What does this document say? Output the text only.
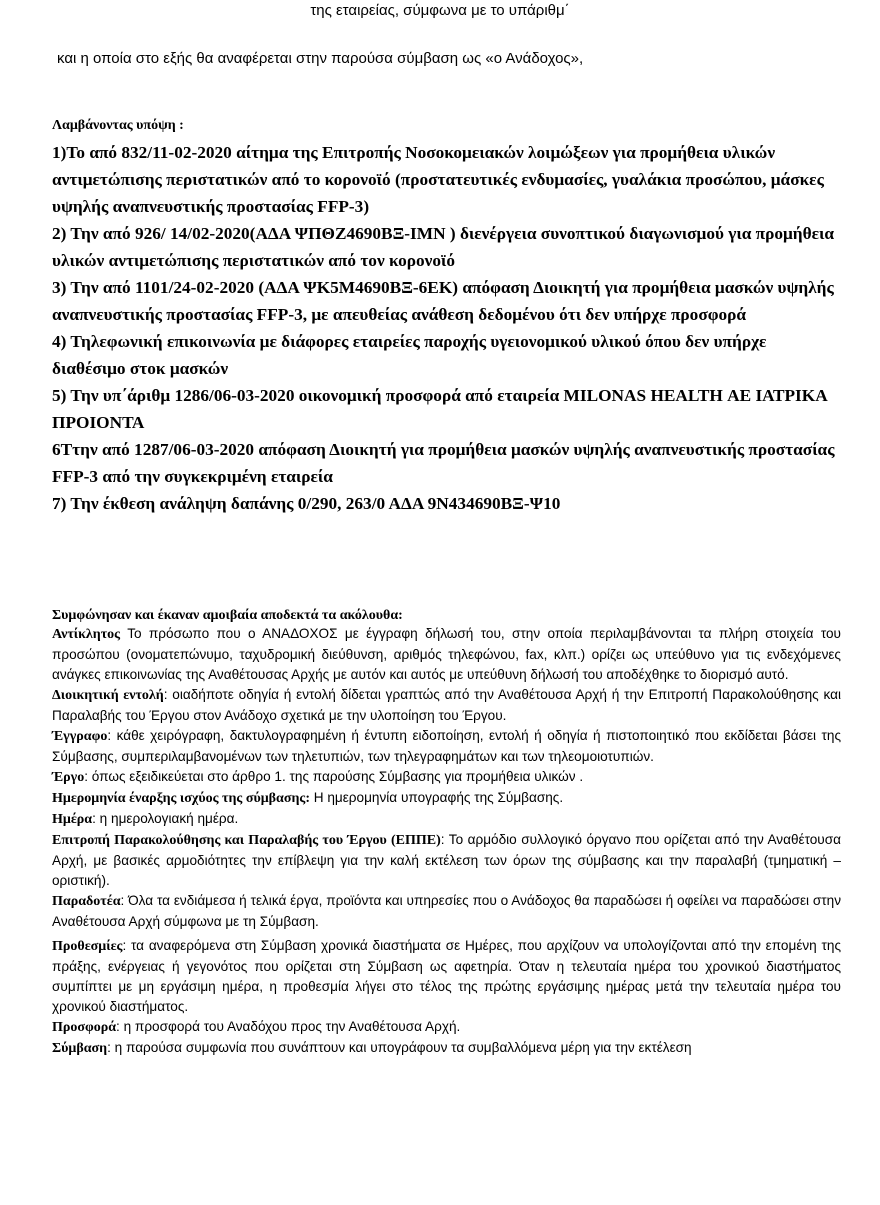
της εταιρείας, σύμφωνα με το υπάριθμ΄
και η οποία στο εξής θα αναφέρεται στην παρούσα σύμβαση ως «ο Ανάδοχος»,
Λαμβάνοντας υπόψη :

1)Το από 832/11-02-2020 αίτημα της Επιτροπής Νοσοκομειακών λοιμώξεων για προμήθεια υλικών αντιμετώπισης περιστατικών από το κορονοϊό (προστατευτικές ενδυμασίες, γυαλάκια προσώπου, μάσκες υψηλής αναπνευστικής προστασίας FFP-3)

2) Την από 926/ 14/02-2020(ΑΔΑ ΨΠΘΖ4690ΒΞ-ΙΜΝ ) διενέργεια συνοπτικού διαγωνισμού για προμήθεια υλικών αντιμετώπισης περιστατικών από τον κορονοϊό

3) Την από 1101/24-02-2020 (ΑΔΑ ΨΚ5Μ4690ΒΞ-6ΕΚ) απόφαση Διοικητή για προμήθεια μασκών υψηλής αναπνευστικής προστασίας FFP-3, με απευθείας ανάθεση δεδομένου ότι δεν υπήρχε προσφορά

4) Τηλεφωνική επικοινωνία με διάφορες εταιρείες παροχής υγειονομικού υλικού όπου δεν υπήρχε διαθέσιμο στοκ μασκών

5) Την υπ΄άριθμ 1286/06-03-2020 οικονομική προσφορά από εταιρεία MILONAS HEALTH ΑΕ ΙΑΤΡΙΚΑ ΠΡΟΙΟΝΤΑ

6Ττην από 1287/06-03-2020 απόφαση Διοικητή για προμήθεια μασκών υψηλής αναπνευστικής προστασίας FFP-3 από την συγκεκριμένη εταιρεία

7) Την έκθεση ανάληψη δαπάνης 0/290, 263/0 ΑΔΑ 9Ν434690ΒΞ-Ψ10

Συμφώνησαν και έκαναν αμοιβαία αποδεκτά τα ακόλουθα:

Αντίκλητος Το πρόσωπο που ο ΑΝΑΔΟΧΟΣ με έγγραφη δήλωσή του, στην οποία περιλαμβάνονται τα πλήρη στοιχεία του προσώπου (ονοματεπώνυμο, ταχυδρομική διεύθυνση, αριθμός τηλεφώνου, fax, κλπ.) ορίζει ως υπεύθυνο για τις ενδεχόμενες ανάγκες επικοινωνίας της Αναθέτουσας Αρχής με αυτόν και αυτός με υπεύθυνη δήλωσή του αποδέχθηκε το διορισμό αυτό.

Διοικητική εντολή: οιαδήποτε οδηγία ή εντολή δίδεται γραπτώς από την Αναθέτουσα Αρχή ή την Επιτροπή Παρακολούθησης και Παραλαβής του Έργου στον Ανάδοχο σχετικά με την υλοποίηση του Έργου.

Έγγραφο: κάθε χειρόγραφη, δακτυλογραφημένη ή έντυπη ειδοποίηση, εντολή ή οδηγία ή πιστοποιητικό που εκδίδεται βάσει της Σύμβασης, συμπεριλαμβανομένων των τηλετυπιών, των τηλεγραφημάτων και των τηλεομοιοτυπιών.

Έργο: όπως εξειδικεύεται στο άρθρο 1. της παρούσης Σύμβασης για προμήθεια υλικών .

Ημερομηνία έναρξης ισχύος της σύμβασης: Η ημερομηνία υπογραφής της Σύμβασης.

Ημέρα: η ημερολογιακή ημέρα.

Επιτροπή Παρακολούθησης και Παραλαβής του Έργου (ΕΠΠΕ): Το αρμόδιο συλλογικό όργανο που ορίζεται από την Αναθέτουσα Αρχή, με βασικές αρμοδιότητες την επίβλεψη για την καλή εκτέλεση των όρων της σύμβασης και την παραλαβή (τμηματική – οριστική).

Παραδοτέα: Όλα τα ενδιάμεσα ή τελικά έργα, προϊόντα και υπηρεσίες που ο Ανάδοχος θα παραδώσει ή οφείλει να παραδώσει στην Αναθέτουσα Αρχή σύμφωνα με τη Σύμβαση.

Προθεσμίες: τα αναφερόμενα στη Σύμβαση χρονικά διαστήματα σε Ημέρες, που αρχίζουν να υπολογίζονται από την επομένη της πράξης, ενέργειας ή γεγονότος που ορίζεται στη Σύμβαση ως αφετηρία. Όταν η τελευταία ημέρα του χρονικού διαστήματος συμπίπτει με μη εργάσιμη ημέρα, η προθεσμία λήγει στο τέλος της πρώτης εργάσιμης ημέρας μετά την τελευταία ημέρα του χρονικού διαστήματος.

Προσφορά: η προσφορά του Αναδόχου προς την Αναθέτουσα Αρχή.

Σύμβαση: η παρούσα συμφωνία που συνάπτουν και υπογράφουν τα συμβαλλόμενα μέρη για την εκτέλεση
